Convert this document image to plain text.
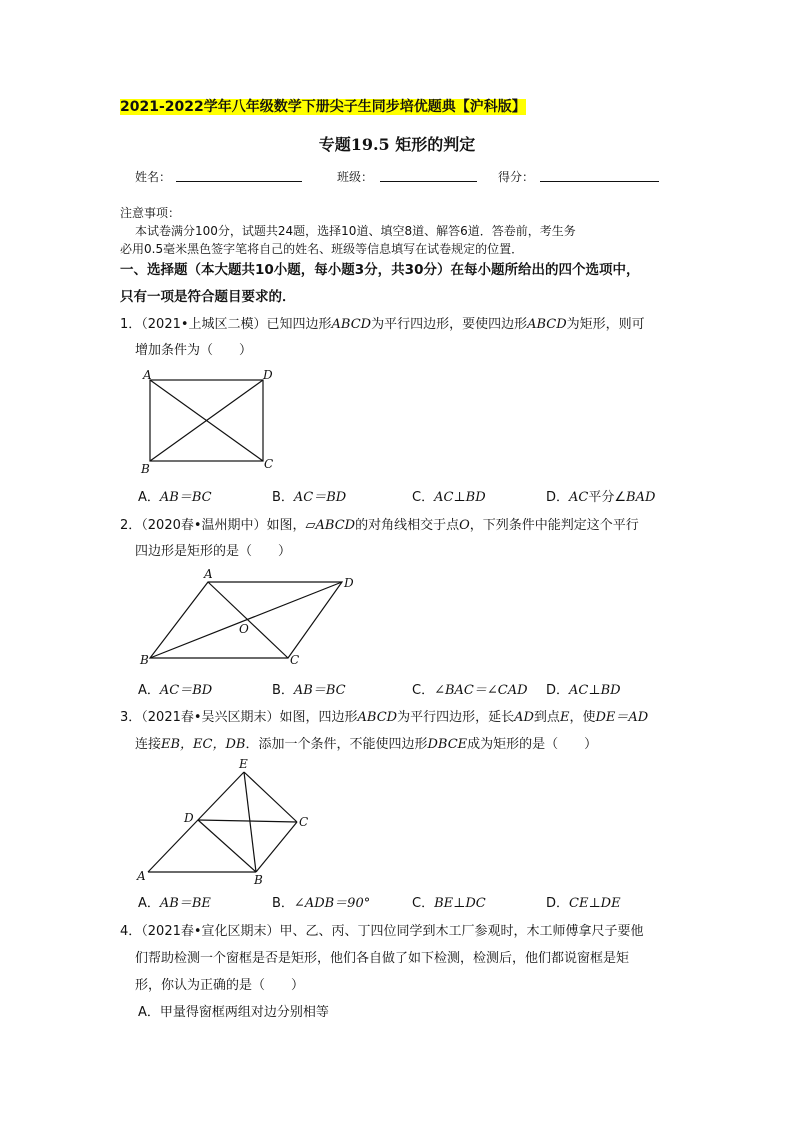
2021-2022学年八年级数学下册尖子生同步培优题典【沪科版】
专题19.5 矩形的判定
姓名：	班级：	得分：
注意事项：
本试卷满分100分，试题共24题，选择10道、填空8道、解答6道．答卷前，考生务
必用0.5毫米黑色签字笔将自己的姓名、班级等信息填写在试卷规定的位置．
一、选择题（本大题共10小题，每小题3分，共30分）在每小题所给出的四个选项中，
只有一项是符合题目要求的．
1．（2021•上城区二模）已知四边形ABCD为平行四边形，要使四边形ABCD为矩形，则可
增加条件为（　　）
A	D
B	C
A．AB＝BC	B．AC＝BD	C．AC⊥BD	D．AC平分∠BAD
2．（2020春•温州期中）如图，▱ABCD的对角线相交于点O，下列条件中能判定这个平行
四边形是矩形的是（　　）
A
D
B	C
O
A．AC＝BD	B．AB＝BC	C．∠BAC＝∠CAD D．AC⊥BD
3．（2021春•吴兴区期末）如图，四边形ABCD为平行四边形，延长AD到点E，使DE＝AD
连接EB，EC，DB．添加一个条件，不能使四边形DBCE成为矩形的是（　　）
E
D	C
A	B
A．AB＝BE	B．∠ADB＝90°	C．BE⊥DC	D．CE⊥DE
4．（2021春•宣化区期末）甲、乙、丙、丁四位同学到木工厂参观时，木工师傅拿尺子要他
们帮助检测一个窗框是否是矩形，他们各自做了如下检测，检测后，他们都说窗框是矩
形，你认为正确的是（　　）
A．甲量得窗框两组对边分别相等
